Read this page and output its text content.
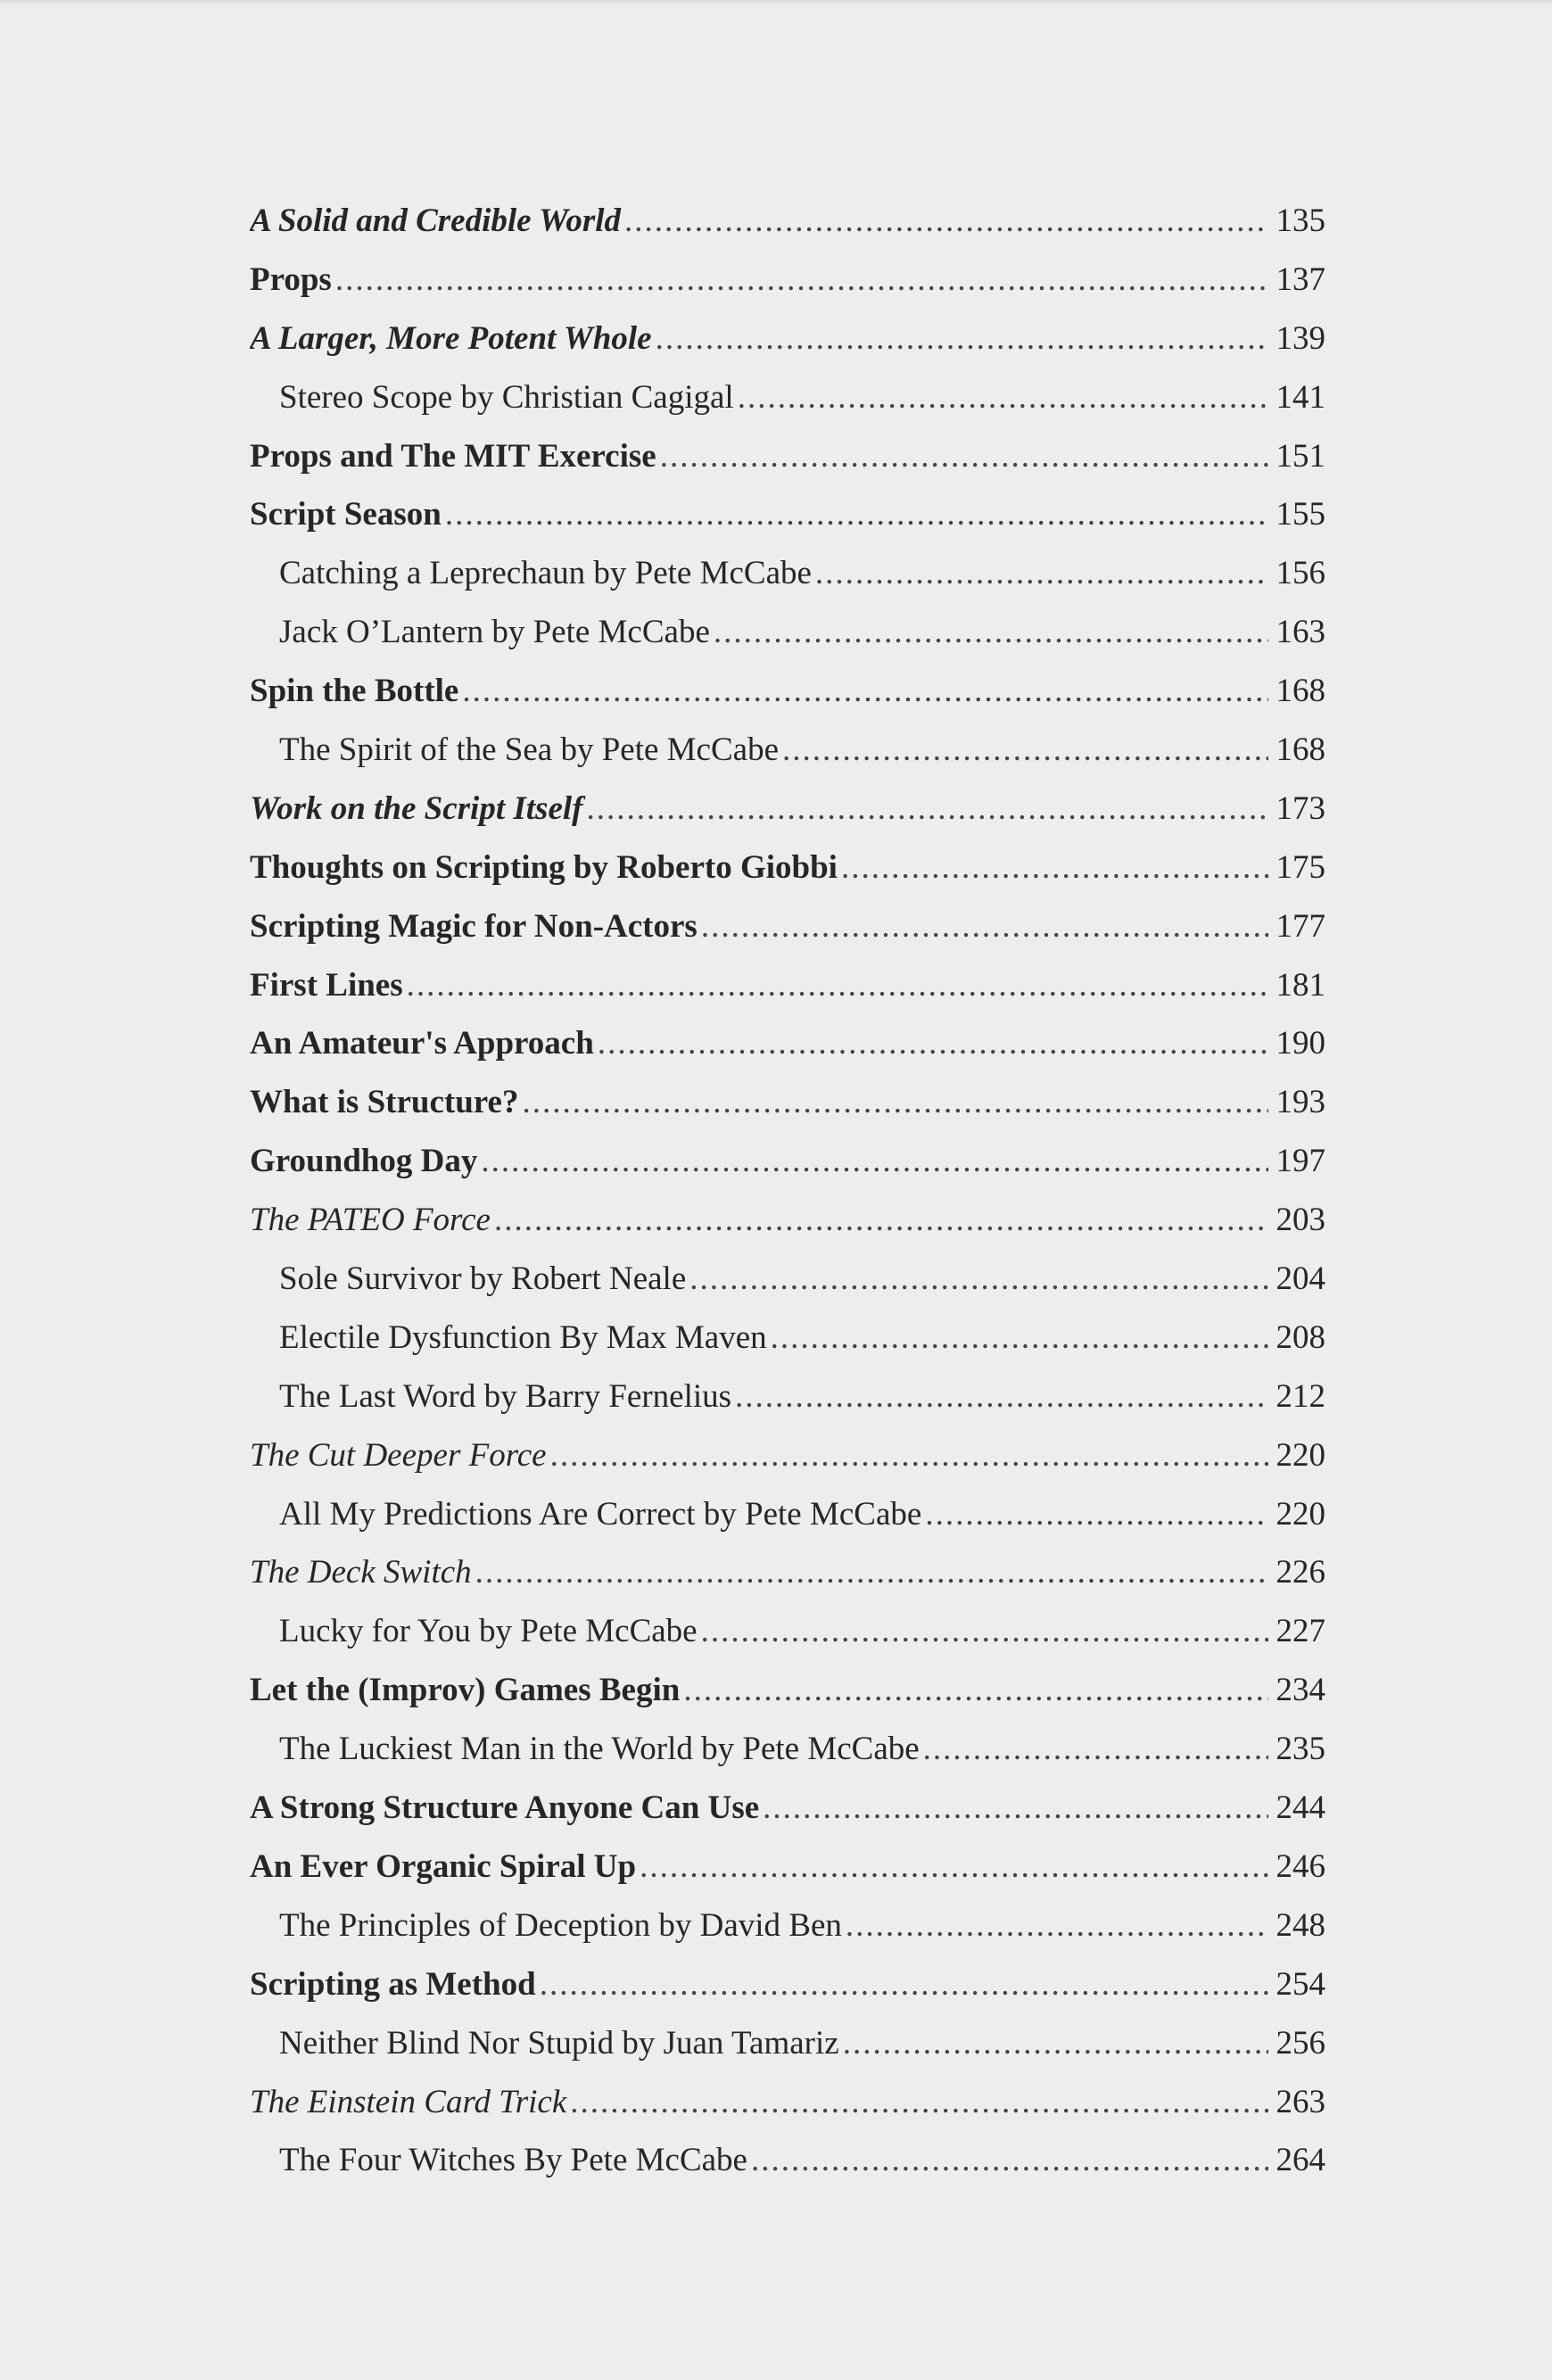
A Solid and Credible World .....	135
Props .....	137
A Larger, More Potent Whole .....	139
Stereo Scope by Christian Cagigal .....	141
Props and The MIT Exercise .....	151
Script Season .....	155
Catching a Leprechaun by Pete McCabe .....	156
Jack O’Lantern by Pete McCabe .....	163
Spin the Bottle .....	168
The Spirit of the Sea by Pete McCabe .....	168
Work on the Script Itself .....	173
Thoughts on Scripting by Roberto Giobbi .....	175
Scripting Magic for Non-Actors .....	177
First Lines .....	181
An Amateur's Approach .....	190
What is Structure? .....	193
Groundhog Day .....	197
The PATEO Force .....	203
Sole Survivor by Robert Neale .....	204
Electile Dysfunction By Max Maven .....	208
The Last Word by Barry Fernelius .....	212
The Cut Deeper Force .....	220
All My Predictions Are Correct by Pete McCabe .....	220
The Deck Switch .....	226
Lucky for You by Pete McCabe .....	227
Let the (Improv) Games Begin .....	234
The Luckiest Man in the World by Pete McCabe .....	235
A Strong Structure Anyone Can Use .....	244
An Ever Organic Spiral Up .....	246
The Principles of Deception by David Ben .....	248
Scripting as Method .....	254
Neither Blind Nor Stupid by Juan Tamariz .....	256
The Einstein Card Trick .....	263
The Four Witches By Pete McCabe .....	264
